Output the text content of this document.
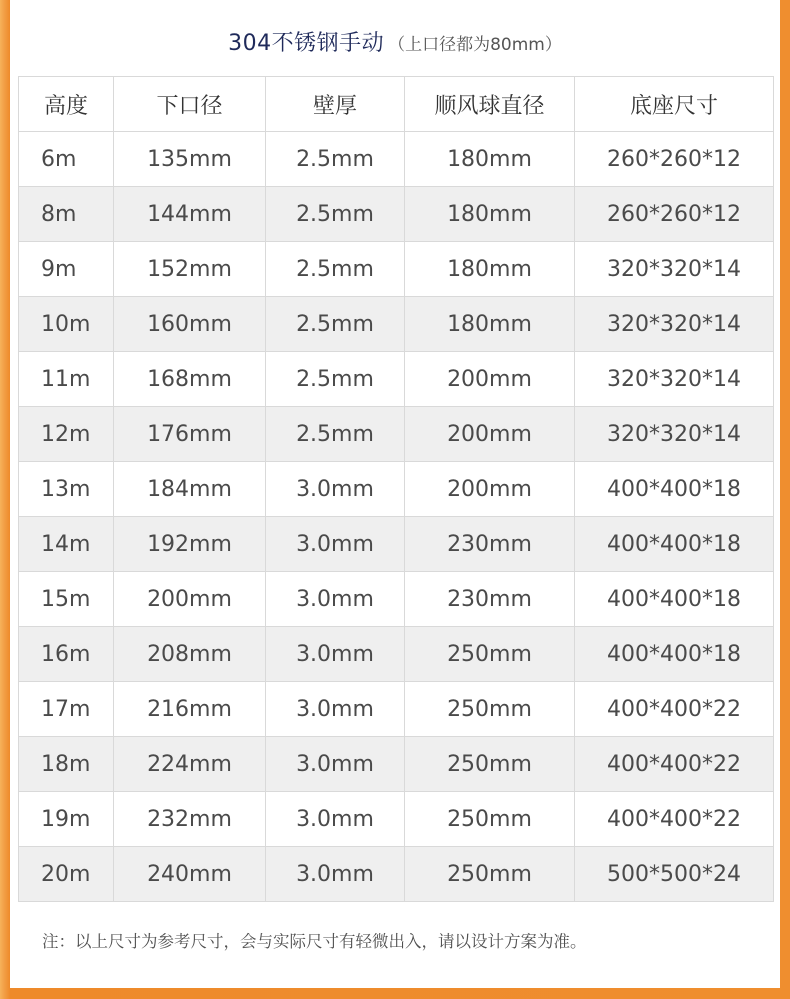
304不锈钢手动 （上口径都为80mm）
高度	下口径	壁厚	顺风球直径	底座尺寸
6m	135mm	2.5mm	180mm	260*260*12
8m	144mm	2.5mm	180mm	260*260*12
9m	152mm	2.5mm	180mm	320*320*14
10m	160mm	2.5mm	180mm	320*320*14
11m	168mm	2.5mm	200mm	320*320*14
12m	176mm	2.5mm	200mm	320*320*14
13m	184mm	3.0mm	200mm	400*400*18
14m	192mm	3.0mm	230mm	400*400*18
15m	200mm	3.0mm	230mm	400*400*18
16m	208mm	3.0mm	250mm	400*400*18
17m	216mm	3.0mm	250mm	400*400*22
18m	224mm	3.0mm	250mm	400*400*22
19m	232mm	3.0mm	250mm	400*400*22
20m	240mm	3.0mm	250mm	500*500*24
注：以上尺寸为参考尺寸，会与实际尺寸有轻微出入，请以设计方案为准。
